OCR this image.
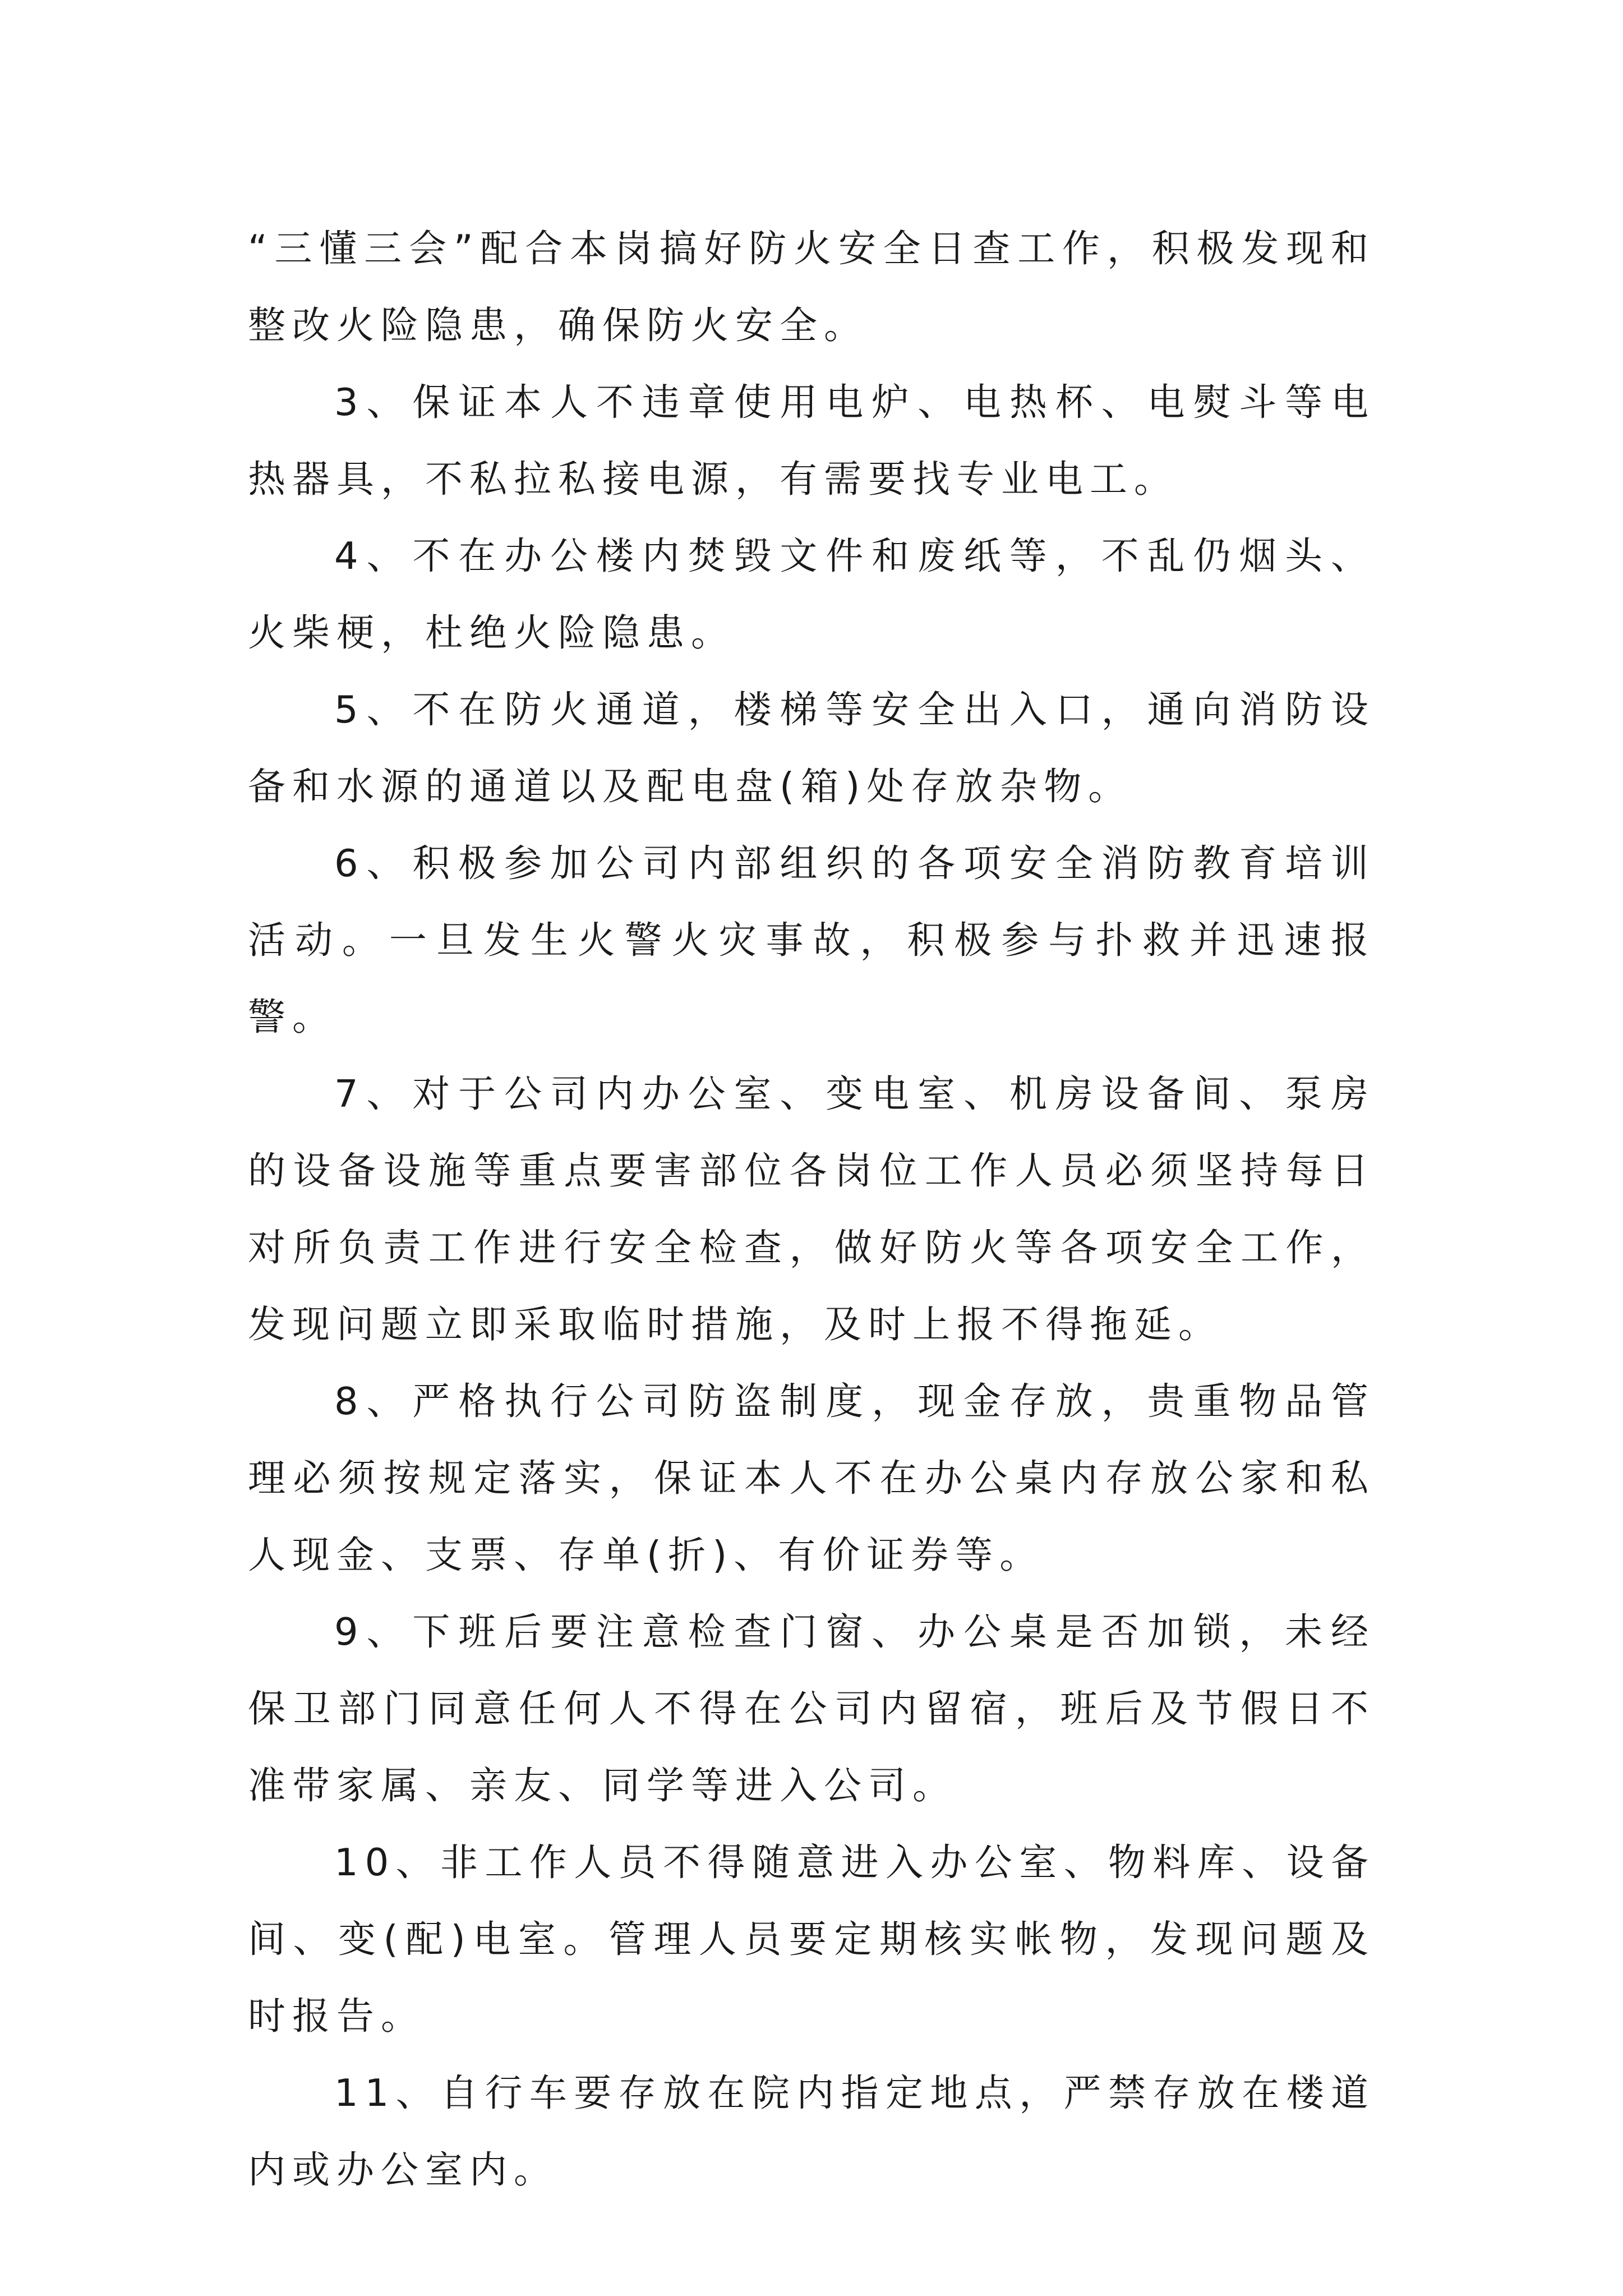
“三懂三会”配合本岗搞好防火安全日查工作，积极发现和整改火险隐患，确保防火安全。

3、保证本人不违章使用电炉、电热杯、电熨斗等电热器具，不私拉私接电源，有需要找专业电工。

4、不在办公楼内焚毁文件和废纸等，不乱仍烟头、火柴梗，杜绝火险隐患。

5、不在防火通道，楼梯等安全出入口，通向消防设备和水源的通道以及配电盘(箱)处存放杂物。

6、积极参加公司内部组织的各项安全消防教育培训活动。一旦发生火警火灾事故，积极参与扑救并迅速报警。

7、对于公司内办公室、变电室、机房设备间、泵房的设备设施等重点要害部位各岗位工作人员必须坚持每日对所负责工作进行安全检查，做好防火等各项安全工作，发现问题立即采取临时措施，及时上报不得拖延。

8、严格执行公司防盗制度，现金存放，贵重物品管理必须按规定落实，保证本人不在办公桌内存放公家和私人现金、支票、存单(折)、有价证券等。

9、下班后要注意检查门窗、办公桌是否加锁，未经保卫部门同意任何人不得在公司内留宿，班后及节假日不准带家属、亲友、同学等进入公司。

10、非工作人员不得随意进入办公室、物料库、设备间、变(配)电室。管理人员要定期核实帐物，发现问题及时报告。

11、自行车要存放在院内指定地点，严禁存放在楼道内或办公室内。
